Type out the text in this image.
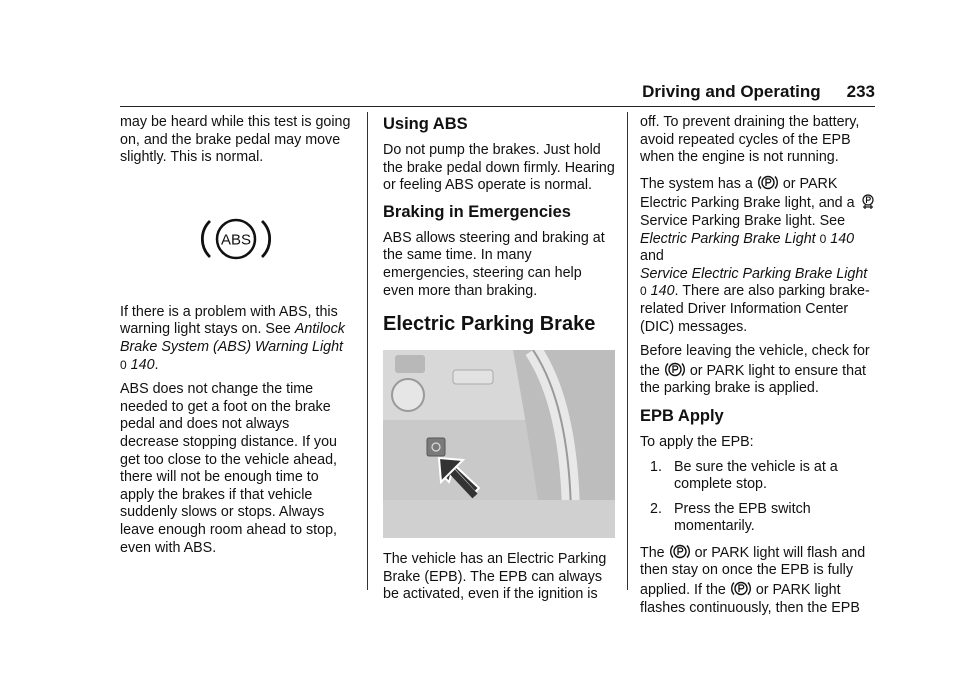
Driving and Operating 233

may be heard while this test is going on, and the brake pedal may move slightly. This is normal.

ABS

If there is a problem with ABS, this warning light stays on. See Antilock Brake System (ABS) Warning Light
0 140.

ABS does not change the time needed to get a foot on the brake pedal and does not always decrease stopping distance. If you get too close to the vehicle ahead, there will not be enough time to apply the brakes if that vehicle suddenly slows or stops. Always leave enough room ahead to stop, even with ABS.

Using ABS

Do not pump the brakes. Just hold the brake pedal down firmly. Hearing or feeling ABS operate is normal.

Braking in Emergencies

ABS allows steering and braking at the same time. In many emergencies, steering can help even more than braking.

Electric Parking Brake

The vehicle has an Electric Parking Brake (EPB). The EPB can always be activated, even if the ignition is

off. To prevent draining the battery, avoid repeated cycles of the EPB when the engine is not running.

The system has a or PARK Electric Parking Brake light, and a
Service Parking Brake light. See
Electric Parking Brake Light 0 140
and
Service Electric Parking Brake Light
0 140. There are also parking brake-related Driver Information Center (DIC) messages.

Before leaving the vehicle, check for the or PARK light to ensure that the parking brake is applied.

EPB Apply

To apply the EPB:

1. Be sure the vehicle is at a complete stop.
2. Press the EPB switch momentarily.

The or PARK light will flash and then stay on once the EPB is fully applied. If the or PARK light flashes continuously, then the EPB
